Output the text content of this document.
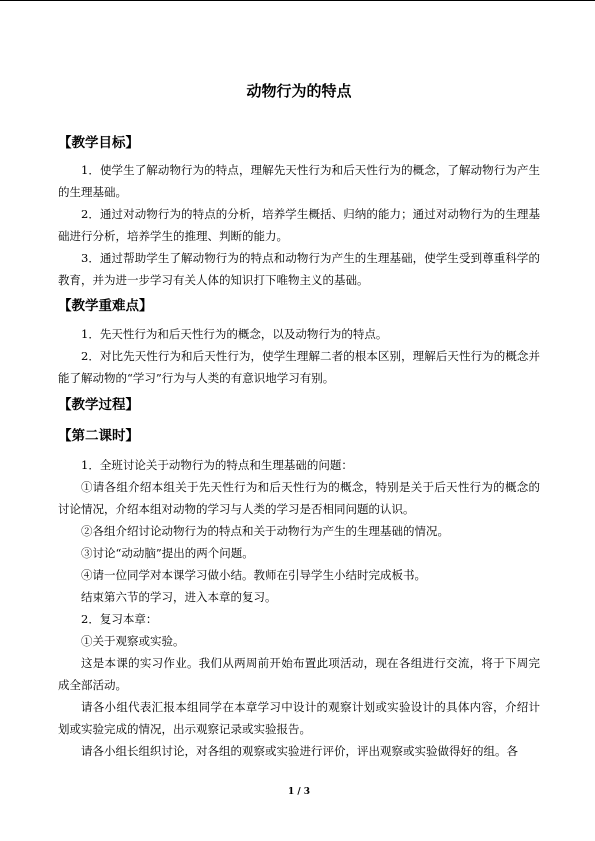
动物行为的特点
【教学目标】

1．使学生了解动物行为的特点，理解先天性行为和后天性行为的概念，了解动物行为产生的生理基础。

2．通过对动物行为的特点的分析，培养学生概括、归纳的能力；通过对动物行为的生理基础进行分析，培养学生的推理、判断的能力。

3．通过帮助学生了解动物行为的特点和动物行为产生的生理基础，使学生受到尊重科学的教育，并为进一步学习有关人体的知识打下唯物主义的基础。

【教学重难点】

1．先天性行为和后天性行为的概念，以及动物行为的特点。

2．对比先天性行为和后天性行为，使学生理解二者的根本区别，理解后天性行为的概念并能了解动物的“学习”行为与人类的有意识地学习有别。

【教学过程】
【第二课时】

1．全班讨论关于动物行为的特点和生理基础的问题：

①请各组介绍本组关于先天性行为和后天性行为的概念，特别是关于后天性行为的概念的讨论情况，介绍本组对动物的学习与人类的学习是否相同问题的认识。

②各组介绍讨论动物行为的特点和关于动物行为产生的生理基础的情况。

③讨论“动动脑”提出的两个问题。

④请一位同学对本课学习做小结。教师在引导学生小结时完成板书。

结束第六节的学习，进入本章的复习。

2．复习本章：

①关于观察或实验。

这是本课的实习作业。我们从两周前开始布置此项活动，现在各组进行交流，将于下周完成全部活动。

请各小组代表汇报本组同学在本章学习中设计的观察计划或实验设计的具体内容，介绍计划或实验完成的情况，出示观察记录或实验报告。

请各小组长组织讨论，对各组的观察或实验进行评价，评出观察或实验做得好的组。各

1 / 3
